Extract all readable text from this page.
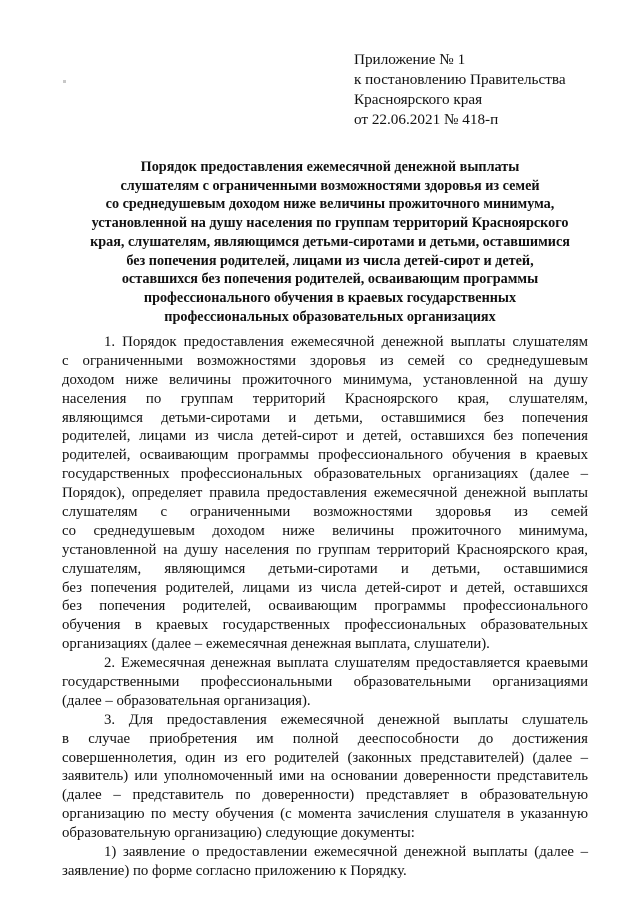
Приложение № 1
к постановлению Правительства
Красноярского края
от 22.06.2021 № 418-п
Порядок предоставления ежемесячной денежной выплаты
слушателям с ограниченными возможностями здоровья из семей
со среднедушевым доходом ниже величины прожиточного минимума,
установленной на душу населения по группам территорий Красноярского
края, слушателям, являющимся детьми-сиротами и детьми, оставшимися
без попечения родителей, лицами из числа детей-сирот и детей,
оставшихся без попечения родителей, осваивающим программы
профессионального обучения в краевых государственных
профессиональных образовательных организациях
1. Порядок предоставления ежемесячной денежной выплаты слушателям
с ограниченными возможностями здоровья из семей со среднедушевым
доходом ниже величины прожиточного минимума, установленной на душу
населения по группам территорий Красноярского края, слушателям,
являющимся детьми-сиротами и детьми, оставшимися без попечения
родителей, лицами из числа детей-сирот и детей, оставшихся без попечения
родителей, осваивающим программы профессионального обучения в краевых
государственных профессиональных образовательных организациях (далее –
Порядок), определяет правила предоставления ежемесячной денежной выплаты
слушателям с ограниченными возможностями здоровья из семей
со среднедушевым доходом ниже величины прожиточного минимума,
установленной на душу населения по группам территорий Красноярского края,
слушателям, являющимся детьми-сиротами и детьми, оставшимися
без попечения родителей, лицами из числа детей-сирот и детей, оставшихся
без попечения родителей, осваивающим программы профессионального
обучения в краевых государственных профессиональных образовательных
организациях (далее – ежемесячная денежная выплата, слушатели).
2. Ежемесячная денежная выплата слушателям предоставляется краевыми
государственными профессиональными образовательными организациями
(далее – образовательная организация).
3. Для предоставления ежемесячной денежной выплаты слушатель
в случае приобретения им полной дееспособности до достижения
совершеннолетия, один из его родителей (законных представителей) (далее –
заявитель) или уполномоченный ими на основании доверенности представитель
(далее – представитель по доверенности) представляет в образовательную
организацию по месту обучения (с момента зачисления слушателя в указанную
образовательную организацию) следующие документы:
1) заявление о предоставлении ежемесячной денежной выплаты (далее –
заявление) по форме согласно приложению к Порядку.
